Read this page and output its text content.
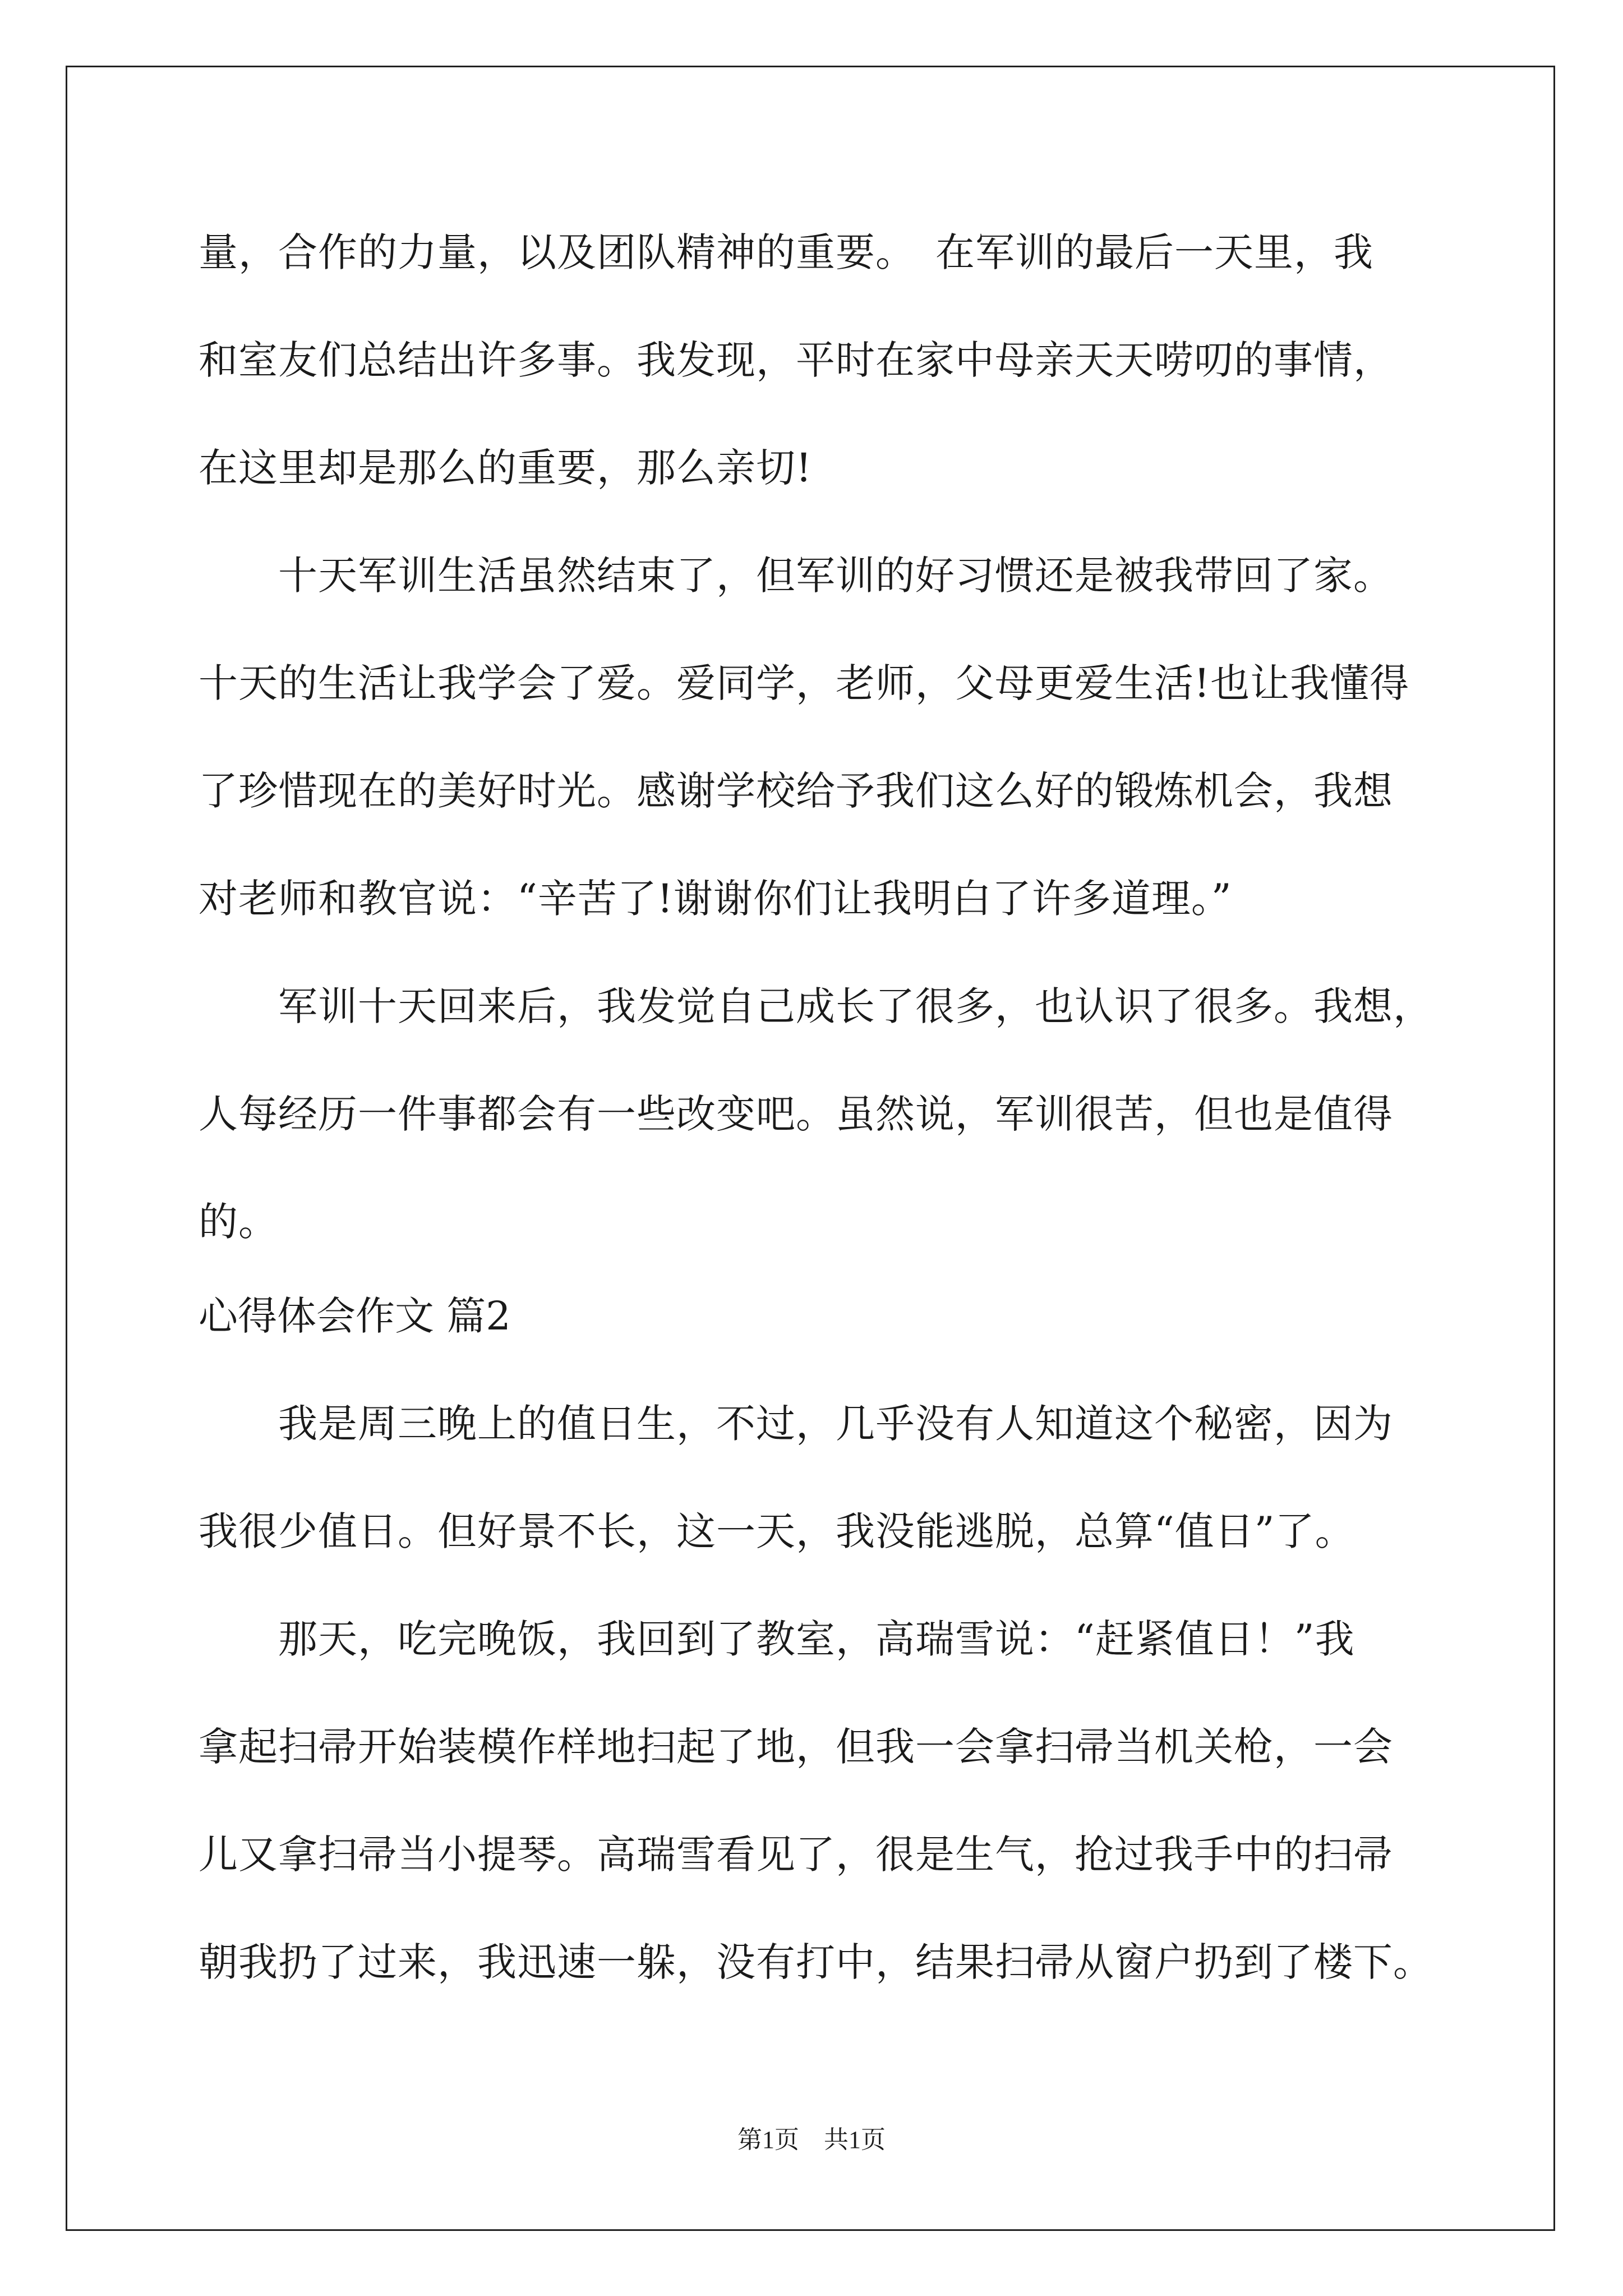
量，合作的力量，以及团队精神的重要。　在军训的最后一天里，我
和室友们总结出许多事。我发现，平时在家中母亲天天唠叨的事情，
在这里却是那么的重要，那么亲切!
　　十天军训生活虽然结束了，但军训的好习惯还是被我带回了家。
十天的生活让我学会了爱。爱同学，老师，父母更爱生活!也让我懂得
了珍惜现在的美好时光。感谢学校给予我们这么好的锻炼机会，我想
对老师和教官说：“辛苦了!谢谢你们让我明白了许多道理。”
　　军训十天回来后，我发觉自己成长了很多，也认识了很多。我想，
人每经历一件事都会有一些改变吧。虽然说，军训很苦，但也是值得
的。
心得体会作文 篇2
　　我是周三晚上的值日生，不过，几乎没有人知道这个秘密，因为
我很少值日。但好景不长，这一天，我没能逃脱，总算“值日”了。
　　那天，吃完晚饭，我回到了教室，高瑞雪说：“赶紧值日！”我
拿起扫帚开始装模作样地扫起了地，但我一会拿扫帚当机关枪，一会
儿又拿扫帚当小提琴。高瑞雪看见了，很是生气，抢过我手中的扫帚
朝我扔了过来，我迅速一躲，没有打中，结果扫帚从窗户扔到了楼下。
第1页　共1页
